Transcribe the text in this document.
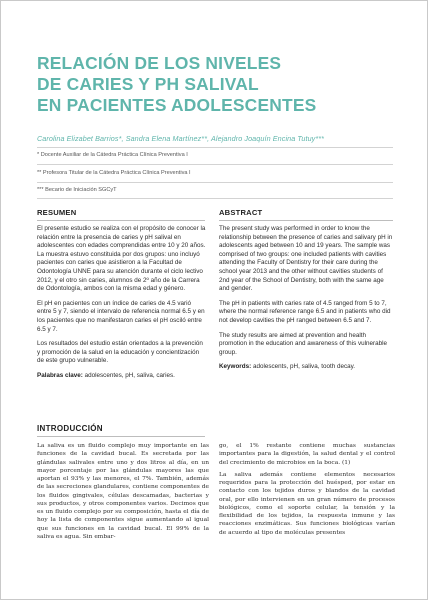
RELACIÓN DE LOS NIVELES
DE CARIES Y PH SALIVAL
EN PACIENTES ADOLESCENTES

Carolina Elizabet Barrios*, Sandra Elena Martínez**, Alejandro Joaquín Encina Tutuy***

* Docente Auxiliar de la Cátedra Práctica Clínica Preventiva I

** Profesora Titular de la Cátedra Práctica Clínica Preventiva I

*** Becario de Iniciación SGCyT

RESUMEN

El presente estudio se realiza con el propósito de conocer la relación entre la presencia de caries y pH salival en adolescentes con edades comprendidas entre 10 y 20 años. La muestra estuvo constituida por dos grupos: uno incluyó pacientes con caries que asistieron a la Facultad de Odontología UNNE para su atención durante el ciclo lectivo 2012, y el otro sin caries, alumnos de 2º año de la Carrera de Odontología, ambos con la misma edad y género.

El pH en pacientes con un índice de caries de 4.5 varió entre 5 y 7, siendo el intervalo de referencia normal 6.5 y en los pacientes que no manifestaron caries el pH osciló entre 6.5 y 7.

Los resultados del estudio están orientados a la prevención y promoción de la salud en la educación y concientización de este grupo vulnerable.

Palabras clave: adolescentes, pH, saliva, caries.

ABSTRACT

The present study was performed in order to know the relationship between the presence of caries and salivary pH in adolescents aged between 10 and 19 years. The sample was comprised of two groups: one included patients with cavities attending the Faculty of Dentistry for their care during the school year 2013 and the other without cavities students of 2nd year of the School of Dentistry, both with the same age and gender.

The pH in patients with caries rate of 4.5 ranged from 5 to 7, where the normal reference range 6.5 and in patients who did not develop cavities the pH ranged between 6.5 and 7.

The study results are aimed at prevention and health promotion in the education and awareness of this vulnerable group.

Keywords: adolescents, pH, saliva, tooth decay.

INTRODUCCIÓN

La saliva es un fluido complejo muy importante en las funciones de la cavidad bucal. Es secretada por las glándulas salivales entre uno y dos litros al día, en un mayor porcentaje por las glándulas mayores las que aportan el 93% y las menores, el 7%. También, además de las secreciones glandulares, contiene componentes de los fluidos gingivales, células descamadas, bacterias y sus productos, y otros componentes varios. Decimos que es un fluido complejo por su composición, hasta el día de hoy la lista de componentes sigue aumentando al igual que sus funciones en la cavidad bucal. El 99% de la saliva es agua. Sin embar-

go, el 1% restante contiene muchas sustancias importantes para la digestión, la salud dental y el control del crecimiento de microbios en la boca. (1)

La saliva además contiene elementos necesarios requeridos para la protección del huésped, por estar en contacto con los tejidos duros y blandos de la cavidad oral, por ello intervienen en un gran número de procesos biológicos, como el soporte celular, la tensión y la flexibilidad de los tejidos, la respuesta inmune y las reacciones enzimáticas. Sus funciones biológicas varían de acuerdo al tipo de moléculas presentes
